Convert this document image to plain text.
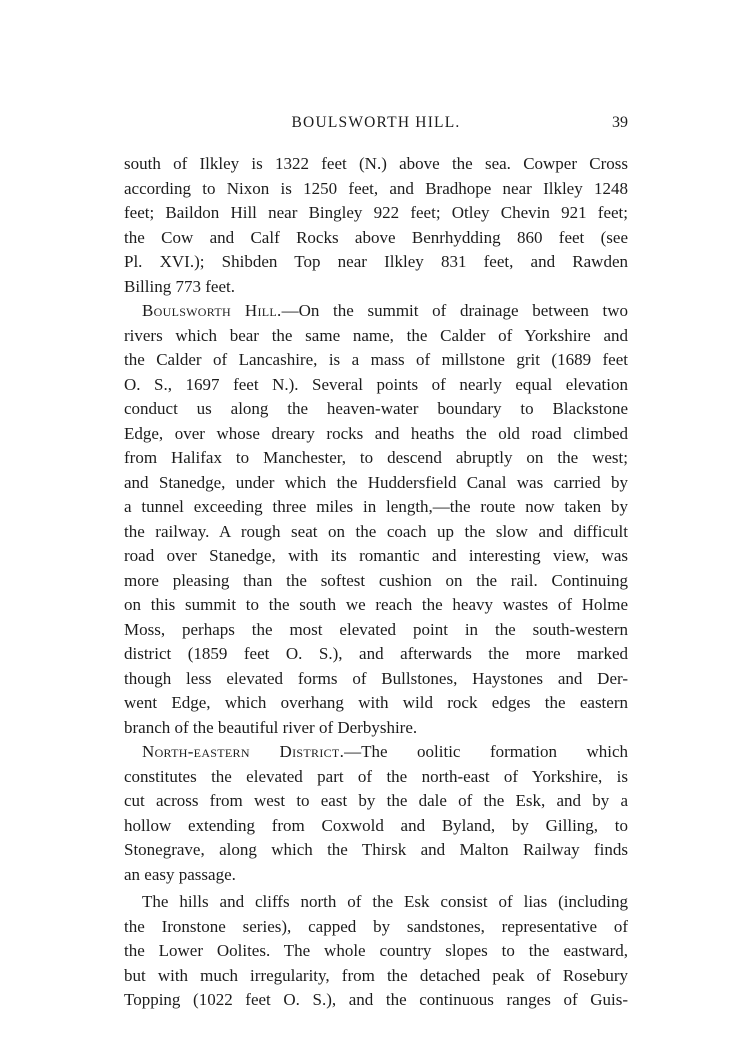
BOULSWORTH HILL.	39
south of Ilkley is 1322 feet (N.) above the sea. Cowper Cross
according to Nixon is 1250 feet, and Bradhope near Ilkley 1248
feet; Baildon Hill near Bingley 922 feet; Otley Chevin 921 feet;
the Cow and Calf Rocks above Benrhydding 860 feet (see
Pl. XVI.); Shibden Top near Ilkley 831 feet, and Rawden
Billing 773 feet.
Boulsworth Hill.—On the summit of drainage between two
rivers which bear the same name, the Calder of Yorkshire and
the Calder of Lancashire, is a mass of millstone grit (1689 feet
O. S., 1697 feet N.). Several points of nearly equal elevation
conduct us along the heaven-water boundary to Blackstone
Edge, over whose dreary rocks and heaths the old road climbed
from Halifax to Manchester, to descend abruptly on the west;
and Stanedge, under which the Huddersfield Canal was carried by
a tunnel exceeding three miles in length,—the route now taken by
the railway. A rough seat on the coach up the slow and difficult
road over Stanedge, with its romantic and interesting view, was
more pleasing than the softest cushion on the rail. Continuing
on this summit to the south we reach the heavy wastes of Holme
Moss, perhaps the most elevated point in the south-western
district (1859 feet O. S.), and afterwards the more marked
though less elevated forms of Bullstones, Haystones and Der-
went Edge, which overhang with wild rock edges the eastern
branch of the beautiful river of Derbyshire.
North-eastern District.—The oolitic formation which
constitutes the elevated part of the north-east of Yorkshire, is
cut across from west to east by the dale of the Esk, and by a
hollow extending from Coxwold and Byland, by Gilling, to
Stonegrave, along which the Thirsk and Malton Railway finds
an easy passage.
The hills and cliffs north of the Esk consist of lias (including
the Ironstone series), capped by sandstones, representative of
the Lower Oolites. The whole country slopes to the eastward,
but with much irregularity, from the detached peak of Rosebury
Topping (1022 feet O. S.), and the continuous ranges of Guis-
